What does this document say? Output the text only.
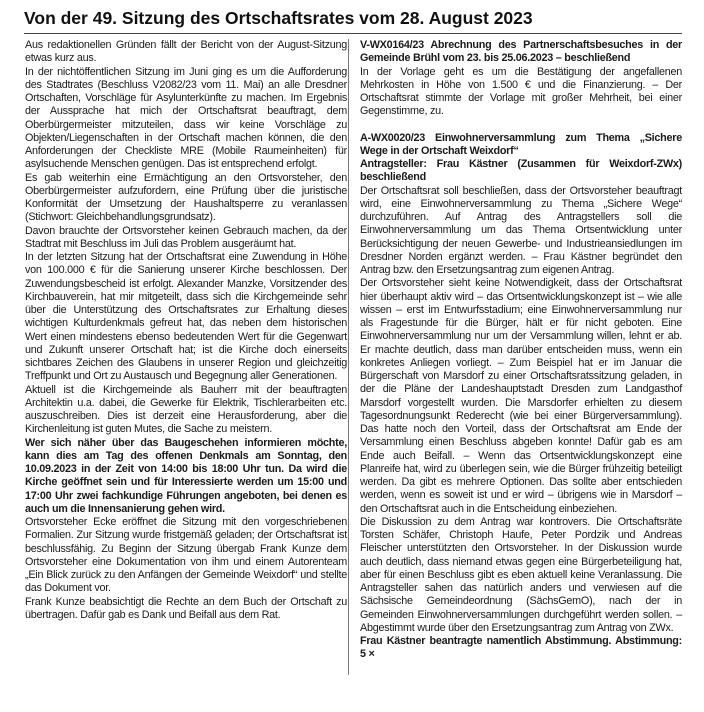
Von der 49. Sitzung des Ortschaftsrates vom 28. August 2023

Aus redaktionellen Gründen fällt der Bericht von der August-Sitzung etwas kurz aus.

In der nichtöffentlichen Sitzung im Juni ging es um die Aufforderung des Stadtrates (Beschluss V2082/23 vom 11. Mai) an alle Dresdner Ortschaften, Vorschläge für Asylunterkünfte zu machen. Im Ergebnis der Aussprache hat mich der Ortschaftsrat beauftragt, dem Oberbürgermeister mitzuteilen, dass wir keine Vorschläge zu Objekten/Liegenschaften in der Ortschaft machen können, die den Anforderungen der Checkliste MRE (Mobile Raumeinheiten) für asylsuchende Menschen genügen. Das ist entsprechend erfolgt.

Es gab weiterhin eine Ermächtigung an den Ortsvorsteher, den Oberbürgermeister aufzufordern, eine Prüfung über die juristische Konformität der Umsetzung der Haushaltsperre zu veranlassen (Stichwort: Gleichbehandlungsgrundsatz).

Davon brauchte der Ortsvorsteher keinen Gebrauch machen, da der Stadtrat mit Beschluss im Juli das Problem ausgeräumt hat.

In der letzten Sitzung hat der Ortschaftsrat eine Zuwendung in Höhe von 100.000 € für die Sanierung unserer Kirche beschlossen. Der Zuwendungsbescheid ist erfolgt. Alexander Manzke, Vorsitzender des Kirchbauverein, hat mir mitgeteilt, dass sich die Kirchgemeinde sehr über die Unterstützung des Ortschaftsrates zur Erhaltung dieses wichtigen Kulturdenkmals gefreut hat, das neben dem historischen Wert einen mindestens ebenso bedeutenden Wert für die Gegenwart und Zukunft unserer Ortschaft hat; ist die Kirche doch einerseits sichtbares Zeichen des Glaubens in unserer Region und gleichzeitig Treffpunkt und Ort zu Austausch und Begegnung aller Generationen.

Aktuell ist die Kirchgemeinde als Bauherr mit der beauftragten Architektin u.a. dabei, die Gewerke für Elektrik, Tischlerarbeiten etc. auszuschreiben. Dies ist derzeit eine Herausforderung, aber die Kirchenleitung ist guten Mutes, die Sache zu meistern.

Wer sich näher über das Baugeschehen informieren möchte, kann dies am Tag des offenen Denkmals am Sonntag, den 10.09.2023 in der Zeit von 14:00 bis 18:00 Uhr tun. Da wird die Kirche geöffnet sein und für Interessierte werden um 15:00 und 17:00 Uhr zwei fachkundige Führungen angeboten, bei denen es auch um die Innensanierung gehen wird.

Ortsvorsteher Ecke eröffnet die Sitzung mit den vorgeschriebenen Formalien. Zur Sitzung wurde fristgemäß geladen; der Ortschaftsrat ist beschlussfähig. Zu Beginn der Sitzung übergab Frank Kunze dem Ortsvorsteher eine Dokumentation von ihm und einem Autorenteam „Ein Blick zurück zu den Anfängen der Gemeinde Weixdorf“ und stellte das Dokument vor.

Frank Kunze beabsichtigt die Rechte an dem Buch der Ortschaft zu übertragen. Dafür gab es Dank und Beifall aus dem Rat.

V-WX0164/23 Abrechnung des Partnerschaftsbesuches in der Gemeinde Brühl vom 23. bis 25.06.2023 – beschließend

In der Vorlage geht es um die Bestätigung der angefallenen Mehrkosten in Höhe von 1.500 € und die Finanzierung. – Der Ortschaftsrat stimmte der Vorlage mit großer Mehrheit, bei einer Gegenstimme, zu.

A-WX0020/23 Einwohnerversammlung zum Thema „Sichere Wege in der Ortschaft Weixdorf“

Antragsteller: Frau Kästner (Zusammen für Weixdorf-ZWx) beschließend

Der Ortschaftsrat soll beschließen, dass der Ortsvorsteher beauftragt wird, eine Einwohnerversammlung zu Thema „Sichere Wege“ durchzuführen. Auf Antrag des Antragstellers soll die Einwohnerversammlung um das Thema Ortsentwicklung unter Berücksichtigung der neuen Gewerbe- und Industrieansiedlungen im Dresdner Norden ergänzt werden. – Frau Kästner begründet den Antrag bzw. den Ersetzungsantrag zum eigenen Antrag.

Der Ortsvorsteher sieht keine Notwendigkeit, dass der Ortschaftsrat hier überhaupt aktiv wird – das Ortsentwicklungskonzept ist – wie alle wissen – erst im Entwurfsstadium; eine Einwohnerversammlung nur als Fragestunde für die Bürger, hält er für nicht geboten. Eine Einwohnerversammlung nur um der Versammlung willen, lehnt er ab. Er machte deutlich, dass man darüber entscheiden muss, wenn ein konkretes Anliegen vorliegt. – Zum Beispiel hat er im Januar die Bürgerschaft von Marsdorf zu einer Ortschaftsratssitzung geladen, in der die Pläne der Landeshauptstadt Dresden zum Landgasthof Marsdorf vorgestellt wurden. Die Marsdorfer erhielten zu diesem Tagesordnungsunkt Rederecht (wie bei einer Bürgerversammlung). Das hatte noch den Vorteil, dass der Ortschaftsrat am Ende der Versammlung einen Beschluss abgeben konnte! Dafür gab es am Ende auch Beifall. – Wenn das Ortsentwicklungskonzept eine Planreife hat, wird zu überlegen sein, wie die Bürger frühzeitig beteiligt werden. Da gibt es mehrere Optionen. Das sollte aber entschieden werden, wenn es soweit ist und er wird – übrigens wie in Marsdorf – den Ortschaftsrat auch in die Entscheidung einbeziehen.

Die Diskussion zu dem Antrag war kontrovers. Die Ortschaftsräte Torsten Schäfer, Christoph Haufe, Peter Pordzik und Andreas Fleischer unterstützten den Ortsvorsteher. In der Diskussion wurde auch deutlich, dass niemand etwas gegen eine Bürgerbeteiligung hat, aber für einen Beschluss gibt es eben aktuell keine Veranlassung. Die Antragsteller sahen das natürlich anders und verwiesen auf die Sächsische Gemeindeordnung (SächsGemO), nach der in Gemeinden Einwohnerversammlungen durchgeführt werden sollen. – Abgestimmt wurde über den Ersetzungsantrag zum Antrag von ZWx.

Frau Kästner beantragte namentlich Abstimmung. Abstimmung: 5 ×
